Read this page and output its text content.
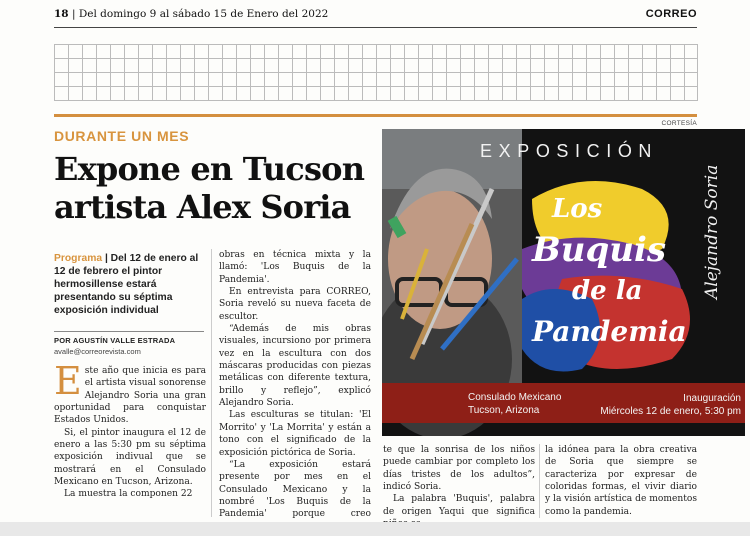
18 | Del domingo 9 al sábado 15 de Enero del 2022	CORREO
CORTESÍA
DURANTE UN MES
Expone en Tucson
artista Alex Soria
Programa | Del 12 de enero al 12 de febrero el pintor hermosillense estará presentando su séptima exposición individual
POR AGUSTÍN VALLE ESTRADA
avalle@correorevista.com

Este año que inicia es para el artista visual sonorense Alejandro Soria una gran oportunidad para conquistar Estados Unidos.

Si, el pintor inaugura el 12 de enero a las 5:30 pm su séptima exposición indivual que se mostrará en el Consulado Mexicano en Tucson, Arizona.

La muestra la componen 22

obras en técnica mixta y la llamó: 'Los Buquis de la Pandemia'.

En entrevista para CORREO, Soria reveló su nueva faceta de escultor.

“Además de mis obras visuales, incursiono por primera vez en la escultura con dos máscaras producidas con piezas metálicas con diferente textura, brillo y reflejo”, explicó Alejandro Soria.

Las esculturas se titulan: 'El Morrito' y 'La Morrita' y están a tono con el significado de la exposición pictórica de Soria.

“La exposición estará presente por mes en el Consulado Mexicano y la nombré 'Los Buquis de la Pandemia' porque creo

Los
Buquis
de la
Pandemia
EXPOSICIÓN
Alejandro Soria
Consulado Mexicano
Tucson, Arizona
Inauguración
Miércoles 12 de enero, 5:30 pm

te que la sonrisa de los niños puede cambiar por completo los días tristes de los adultos”, indicó Soria.

La palabra 'Buquis', palabra de origen Yaqui que significa

la idónea para la obra creativa de Soria que siempre se caracteriza por expresar de coloridas formas, el vivir diario y la visión artística de momentos como la pandemia.
